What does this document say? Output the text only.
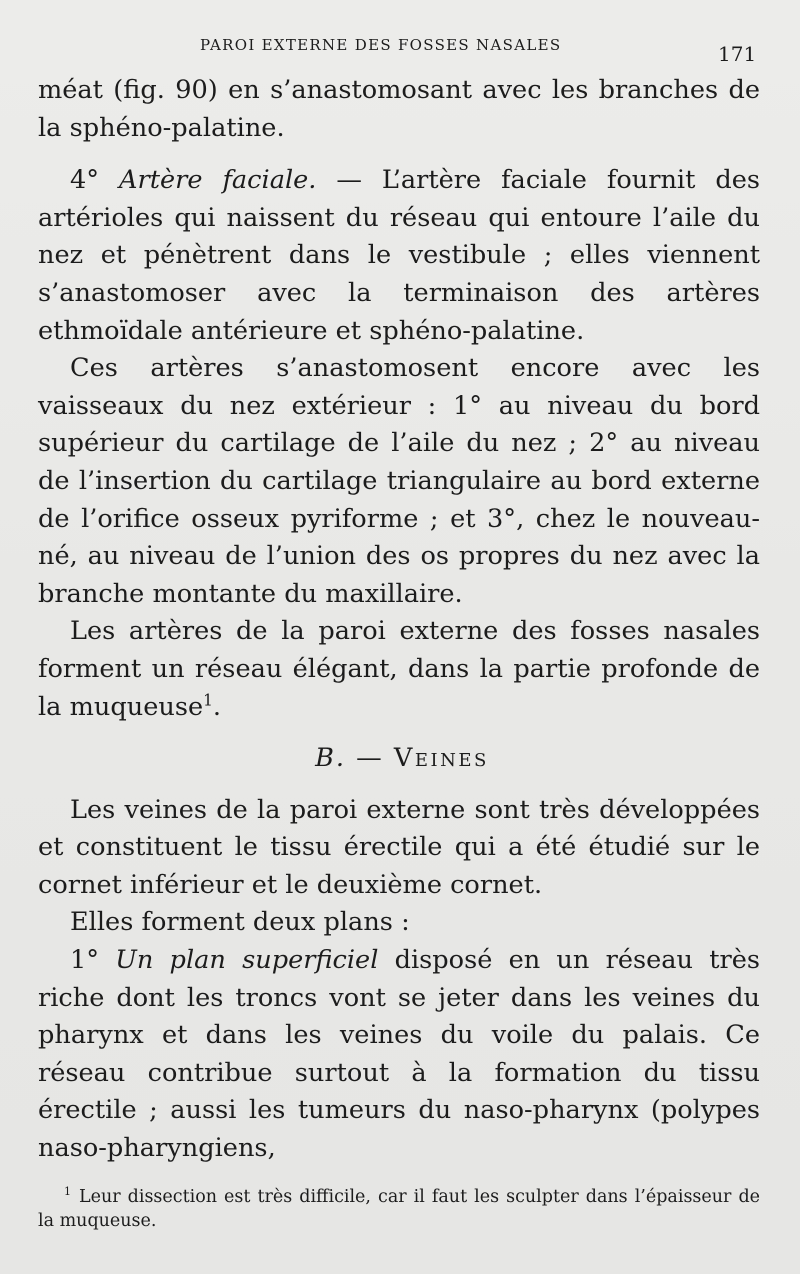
PAROI EXTERNE DES FOSSES NASALES	171

méat (fig. 90) en s’anastomosant avec les branches de la sphéno-palatine.

4° Artère faciale. — L’artère faciale fournit des artérioles qui naissent du réseau qui entoure l’aile du nez et pénètrent dans le vestibule ; elles viennent s’anastomoser avec la terminaison des artères ethmoïdale antérieure et sphéno-palatine.

Ces artères s’anastomosent encore avec les vaisseaux du nez extérieur : 1° au niveau du bord supérieur du cartilage de l’aile du nez ; 2° au niveau de l’insertion du cartilage triangulaire au bord externe de l’orifice osseux pyriforme ; et 3°, chez le nouveau-né, au niveau de l’union des os propres du nez avec la branche montante du maxillaire.

Les artères de la paroi externe des fosses nasales forment un réseau élégant, dans la partie profonde de la muqueuse$^1$.

B. — Veines

Les veines de la paroi externe sont très développées et constituent le tissu érectile qui a été étudié sur le cornet inférieur et le deuxième cornet.

Elles forment deux plans :

1° Un plan superficiel disposé en un réseau très riche dont les troncs vont se jeter dans les veines du pharynx et dans les veines du voile du palais. Ce réseau contribue surtout à la formation du tissu érectile ; aussi les tumeurs du naso-pharynx (polypes naso-pharyngiens,

$^1$ Leur dissection est très difficile, car il faut les sculpter dans l’épaisseur de la muqueuse.
